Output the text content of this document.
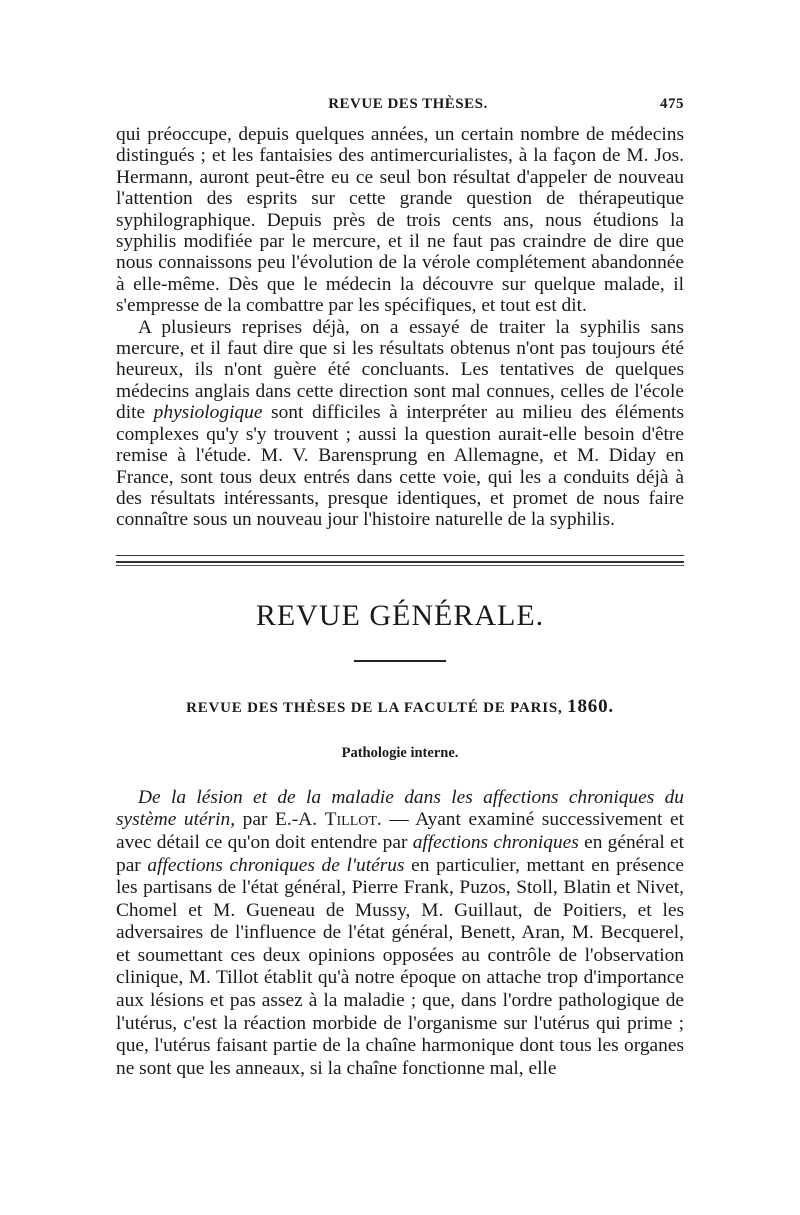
REVUE DES THÈSES.	475

qui préoccupe, depuis quelques années, un certain nombre de médecins distingués ; et les fantaisies des antimercurialistes, à la façon de M. Jos. Hermann, auront peut-être eu ce seul bon résultat d'appeler de nouveau l'attention des esprits sur cette grande question de thérapeutique syphilographique. Depuis près de trois cents ans, nous étudions la syphilis modifiée par le mercure, et il ne faut pas craindre de dire que nous connaissons peu l'évolution de la vérole complétement abandonnée à elle-même. Dès que le médecin la découvre sur quelque malade, il s'empresse de la combattre par les spécifiques, et tout est dit.

A plusieurs reprises déjà, on a essayé de traiter la syphilis sans mercure, et il faut dire que si les résultats obtenus n'ont pas toujours été heureux, ils n'ont guère été concluants. Les tentatives de quelques médecins anglais dans cette direction sont mal connues, celles de l'école dite physiologique sont difficiles à interpréter au milieu des éléments complexes qu'y s'y trouvent ; aussi la question aurait-elle besoin d'être remise à l'étude. M. V. Barensprung en Allemagne, et M. Diday en France, sont tous deux entrés dans cette voie, qui les a conduits déjà à des résultats intéressants, presque identiques, et promet de nous faire connaître sous un nouveau jour l'histoire naturelle de la syphilis.

REVUE GÉNÉRALE.
REVUE DES THÈSES DE LA FACULTÉ DE PARIS, 1860.
Pathologie interne.

De la lésion et de la maladie dans les affections chroniques du système utérin, par E.-A. Tillot. — Ayant examiné successivement et avec détail ce qu'on doit entendre par affections chroniques en général et par affections chroniques de l'utérus en particulier, mettant en présence les partisans de l'état général, Pierre Frank, Puzos, Stoll, Blatin et Nivet, Chomel et M. Gueneau de Mussy, M. Guillaut, de Poitiers, et les adversaires de l'influence de l'état général, Benett, Aran, M. Becquerel, et soumettant ces deux opinions opposées au contrôle de l'observation clinique, M. Tillot établit qu'à notre époque on attache trop d'importance aux lésions et pas assez à la maladie ; que, dans l'ordre pathologique de l'utérus, c'est la réaction morbide de l'organisme sur l'utérus qui prime ; que, l'utérus faisant partie de la chaîne harmonique dont tous les organes ne sont que les anneaux, si la chaîne fonctionne mal, elle
